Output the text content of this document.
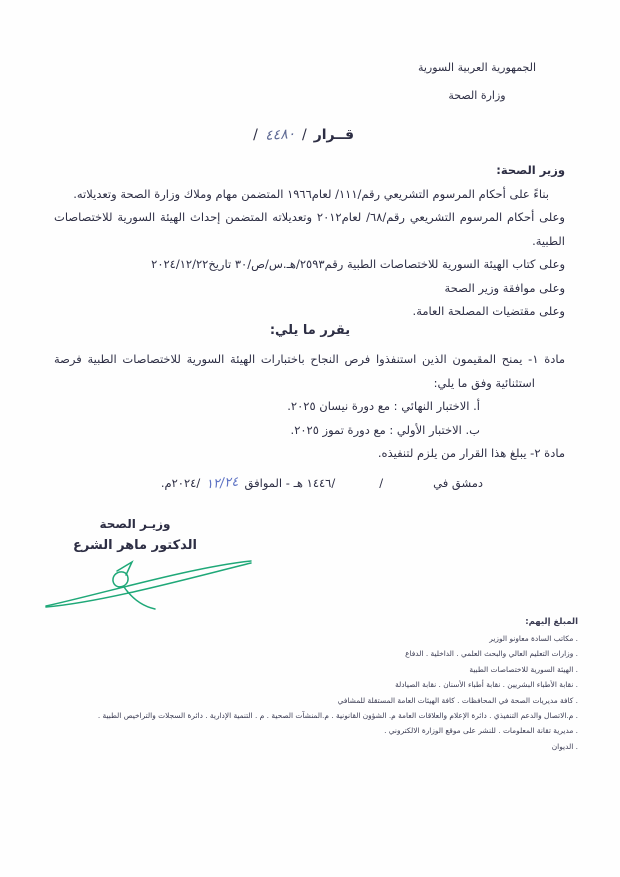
الجمهورية العربية السورية
وزارة الصحة
قــرار
/
٤٤٨٠
/
وزير الصحة:
بناءً على أحكام المرسوم التشريعي رقم/١١١/ لعام١٩٦٦ المتضمن مهام وملاك وزارة الصحة وتعديلاته.
وعلى أحكام المرسوم التشريعي رقم/٦٨/ لعام٢٠١٢ وتعديلاته المتضمن إحداث الهيئة السورية للاختصاصات الطبية.
وعلى كتاب الهيئة السورية للاختصاصات الطبية رقم٢٥٩٣/هـ.س/ص/٣٠ تاريخ٢٠٢٤/١٢/٢٢
وعلى موافقة وزير الصحة
وعلى مقتضيات المصلحة العامة.
يقرر ما يلي:
مادة ١- يمنح المقيمون الذين استنفذوا فرص النجاح باختبارات الهيئة السورية للاختصاصات الطبية فرصة استثنائية وفق ما يلي:
أ. الاختبار النهائي : مع دورة نيسان ٢٠٢٥.
ب. الاختبار الأولي : مع دورة تموز ٢٠٢٥.
مادة ٢- يبلغ هذا القرار من يلزم لتنفيذه.
دمشق في
/
/١٤٤٦ هـ - الموافق
١٢/٢٤
/٢٠٢٤م.
وزيـر الصحة
الدكتور ماهر الشرع
المبلغ إليهم:
. مكاتب السادة معاونو الوزير
. وزارات التعليم العالي والبحث العلمي . الداخلية . الدفاع
. الهيئة السورية للاختصاصات الطبية
. نقابة الأطباء البشريين . نقابة أطباء الأسنان . نقابة الصيادلة
. كافة مديريات الصحة في المحافظات . كافة الهيئات العامة المستقلة للمشافي
. م.الاتصال والدعم التنفيذي . دائرة الإعلام والعلاقات العامة م. الشؤون القانونية . م.المنشآت الصحية . م . التنمية الإدارية . دائرة السجلات والتراخيص الطبية .
. مديرية تقانة المعلومات . للنشر على موقع الوزارة الالكتروني .
. الديوان
